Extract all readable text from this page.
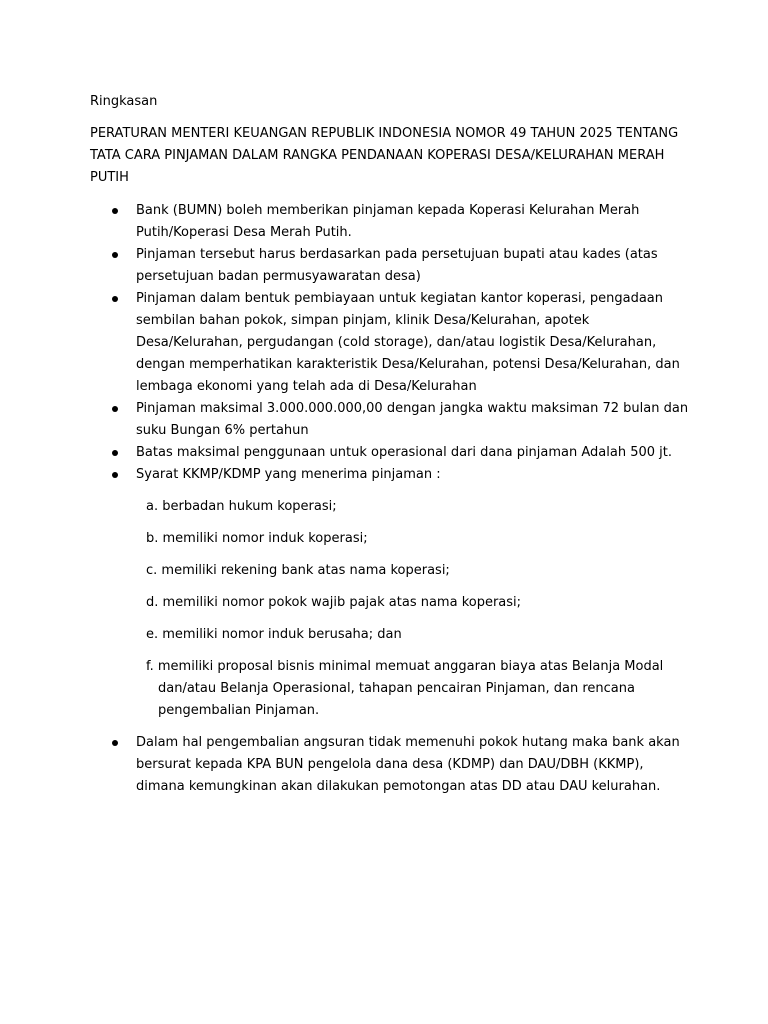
Ringkasan

PERATURAN MENTERI KEUANGAN REPUBLIK INDONESIA NOMOR 49 TAHUN 2025 TENTANG TATA CARA PINJAMAN DALAM RANGKA PENDANAAN KOPERASI DESA/KELURAHAN MERAH PUTIH

Bank (BUMN) boleh memberikan pinjaman kepada Koperasi Kelurahan Merah Putih/Koperasi Desa Merah Putih.
Pinjaman tersebut harus berdasarkan pada persetujuan bupati atau kades (atas persetujuan badan permusyawaratan desa)
Pinjaman dalam bentuk pembiayaan untuk kegiatan kantor koperasi, pengadaan sembilan bahan pokok, simpan pinjam, klinik Desa/Kelurahan, apotek Desa/Kelurahan, pergudangan (cold storage), dan/atau logistik Desa/Kelurahan, dengan memperhatikan karakteristik Desa/Kelurahan, potensi Desa/Kelurahan, dan lembaga ekonomi yang telah ada di Desa/Kelurahan
Pinjaman maksimal 3.000.000.000,00 dengan jangka waktu maksiman 72 bulan dan suku Bungan 6% pertahun
Batas maksimal penggunaan untuk operasional dari dana pinjaman Adalah 500 jt.
Syarat KKMP/KDMP yang menerima pinjaman :
a. berbadan hukum koperasi;
b. memiliki nomor induk koperasi;
c. memiliki rekening bank atas nama koperasi;
d. memiliki nomor pokok wajib pajak atas nama koperasi;
e. memiliki nomor induk berusaha; dan
f. memiliki proposal bisnis minimal memuat anggaran biaya atas Belanja Modal dan/atau Belanja Operasional, tahapan pencairan Pinjaman, dan rencana pengembalian Pinjaman.
Dalam hal pengembalian angsuran tidak memenuhi pokok hutang maka bank akan bersurat kepada KPA BUN pengelola dana desa (KDMP) dan DAU/DBH (KKMP), dimana kemungkinan akan dilakukan pemotongan atas DD atau DAU kelurahan.
